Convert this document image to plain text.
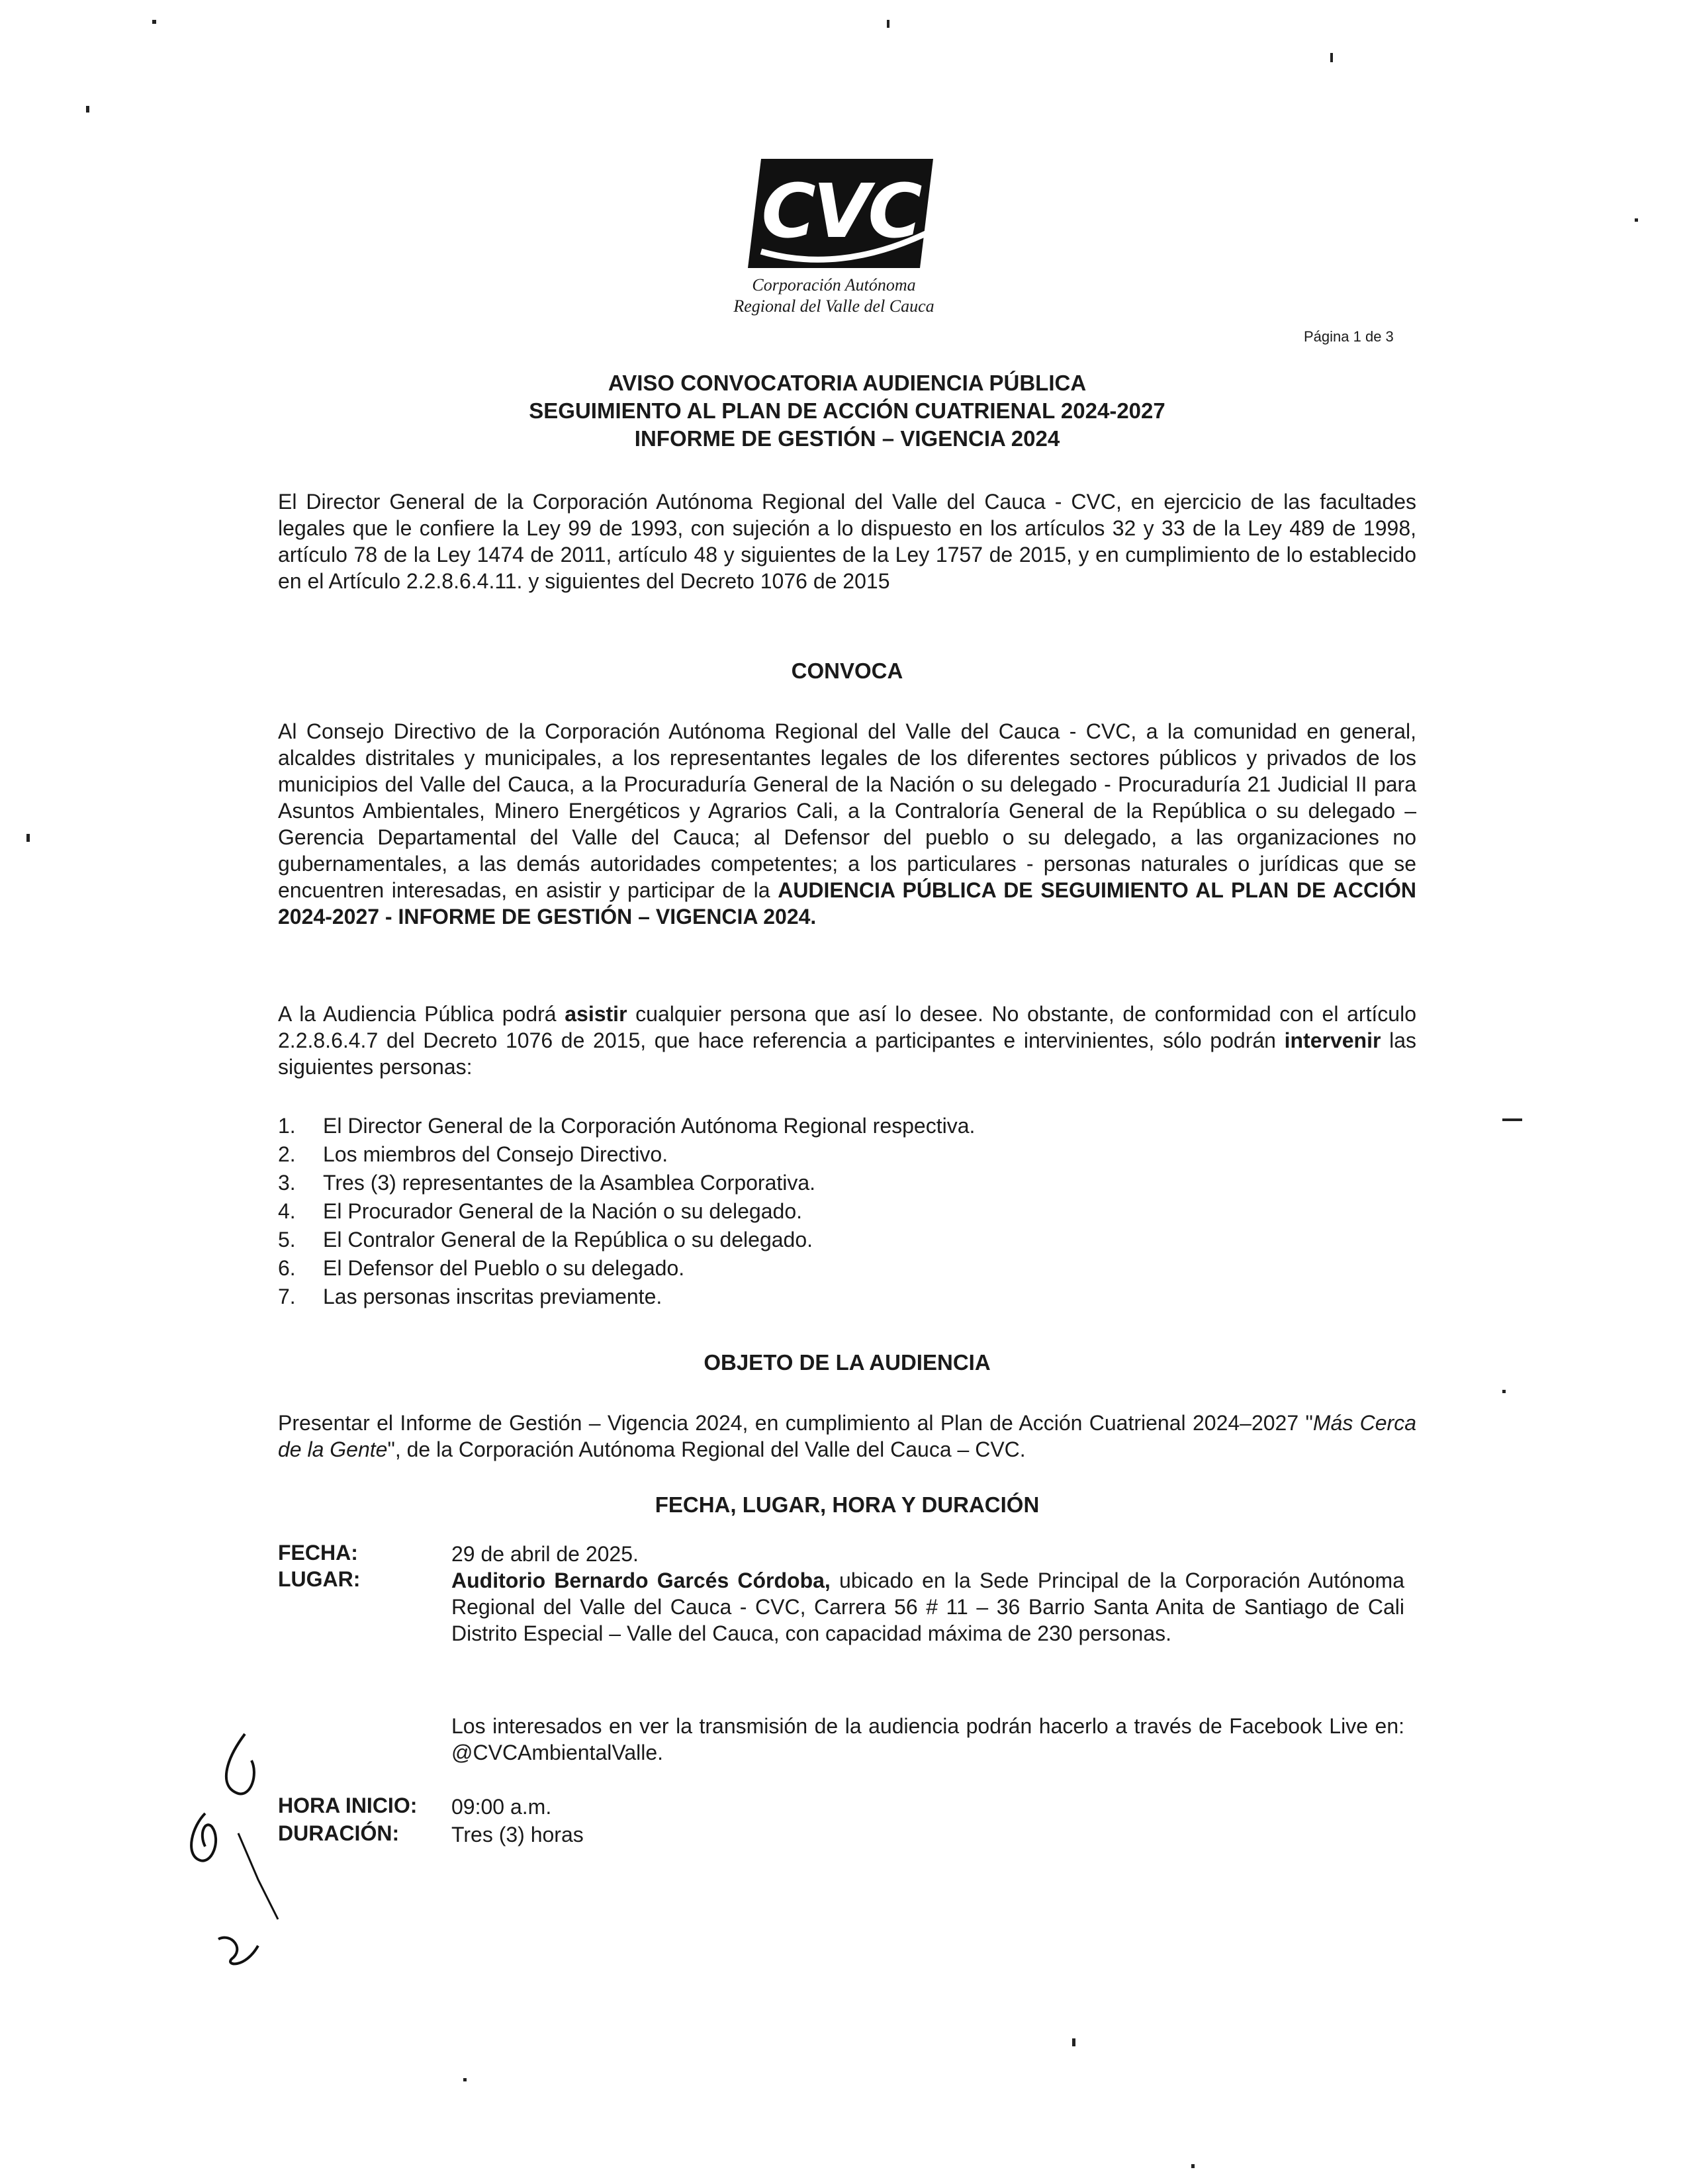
CVC
Corporación Autónoma
Regional del Valle del Cauca
Página 1 de 3
AVISO CONVOCATORIA AUDIENCIA PÚBLICA
SEGUIMIENTO AL PLAN DE ACCIÓN CUATRIENAL 2024-2027
INFORME DE GESTIÓN – VIGENCIA 2024
El Director General de la Corporación Autónoma Regional del Valle del Cauca - CVC, en ejercicio de las facultades legales que le confiere la Ley 99 de 1993, con sujeción a lo dispuesto en los artículos 32 y 33 de la Ley 489 de 1998, artículo 78 de la Ley 1474 de 2011, artículo 48 y siguientes de la Ley 1757 de 2015, y en cumplimiento de lo establecido en el Artículo 2.2.8.6.4.11. y siguientes del Decreto 1076 de 2015
CONVOCA
Al Consejo Directivo de la Corporación Autónoma Regional del Valle del Cauca - CVC, a la comunidad en general, alcaldes distritales y municipales, a los representantes legales de los diferentes sectores públicos y privados de los municipios del Valle del Cauca, a la Procuraduría General de la Nación o su delegado - Procuraduría 21 Judicial II para Asuntos Ambientales, Minero Energéticos y Agrarios Cali, a la Contraloría General de la República o su delegado – Gerencia Departamental del Valle del Cauca; al Defensor del pueblo o su delegado, a las organizaciones no gubernamentales, a las demás autoridades competentes; a los particulares - personas naturales o jurídicas que se encuentren interesadas, en asistir y participar de la AUDIENCIA PÚBLICA DE SEGUIMIENTO AL PLAN DE ACCIÓN 2024-2027 - INFORME DE GESTIÓN – VIGENCIA 2024.
A la Audiencia Pública podrá asistir cualquier persona que así lo desee. No obstante, de conformidad con el artículo 2.2.8.6.4.7 del Decreto 1076 de 2015, que hace referencia a participantes e intervinientes, sólo podrán intervenir las siguientes personas:
1.	El Director General de la Corporación Autónoma Regional respectiva.
2.	Los miembros del Consejo Directivo.
3.	Tres (3) representantes de la Asamblea Corporativa.
4.	El Procurador General de la Nación o su delegado.
5.	El Contralor General de la República o su delegado.
6.	El Defensor del Pueblo o su delegado.
7.	Las personas inscritas previamente.
OBJETO DE LA AUDIENCIA
Presentar el Informe de Gestión – Vigencia 2024, en cumplimiento al Plan de Acción Cuatrienal 2024–2027 "Más Cerca de la Gente", de la Corporación Autónoma Regional del Valle del Cauca – CVC.
FECHA, LUGAR, HORA Y DURACIÓN
FECHA:	29 de abril de 2025.
LUGAR:	Auditorio Bernardo Garcés Córdoba, ubicado en la Sede Principal de la Corporación Autónoma Regional del Valle del Cauca - CVC, Carrera 56 # 11 – 36 Barrio Santa Anita de Santiago de Cali Distrito Especial – Valle del Cauca, con capacidad máxima de 230 personas.
Los interesados en ver la transmisión de la audiencia podrán hacerlo a través de Facebook Live en: @CVCAmbientalValle.
HORA INICIO: 09:00 a.m.
DURACIÓN: Tres (3) horas
